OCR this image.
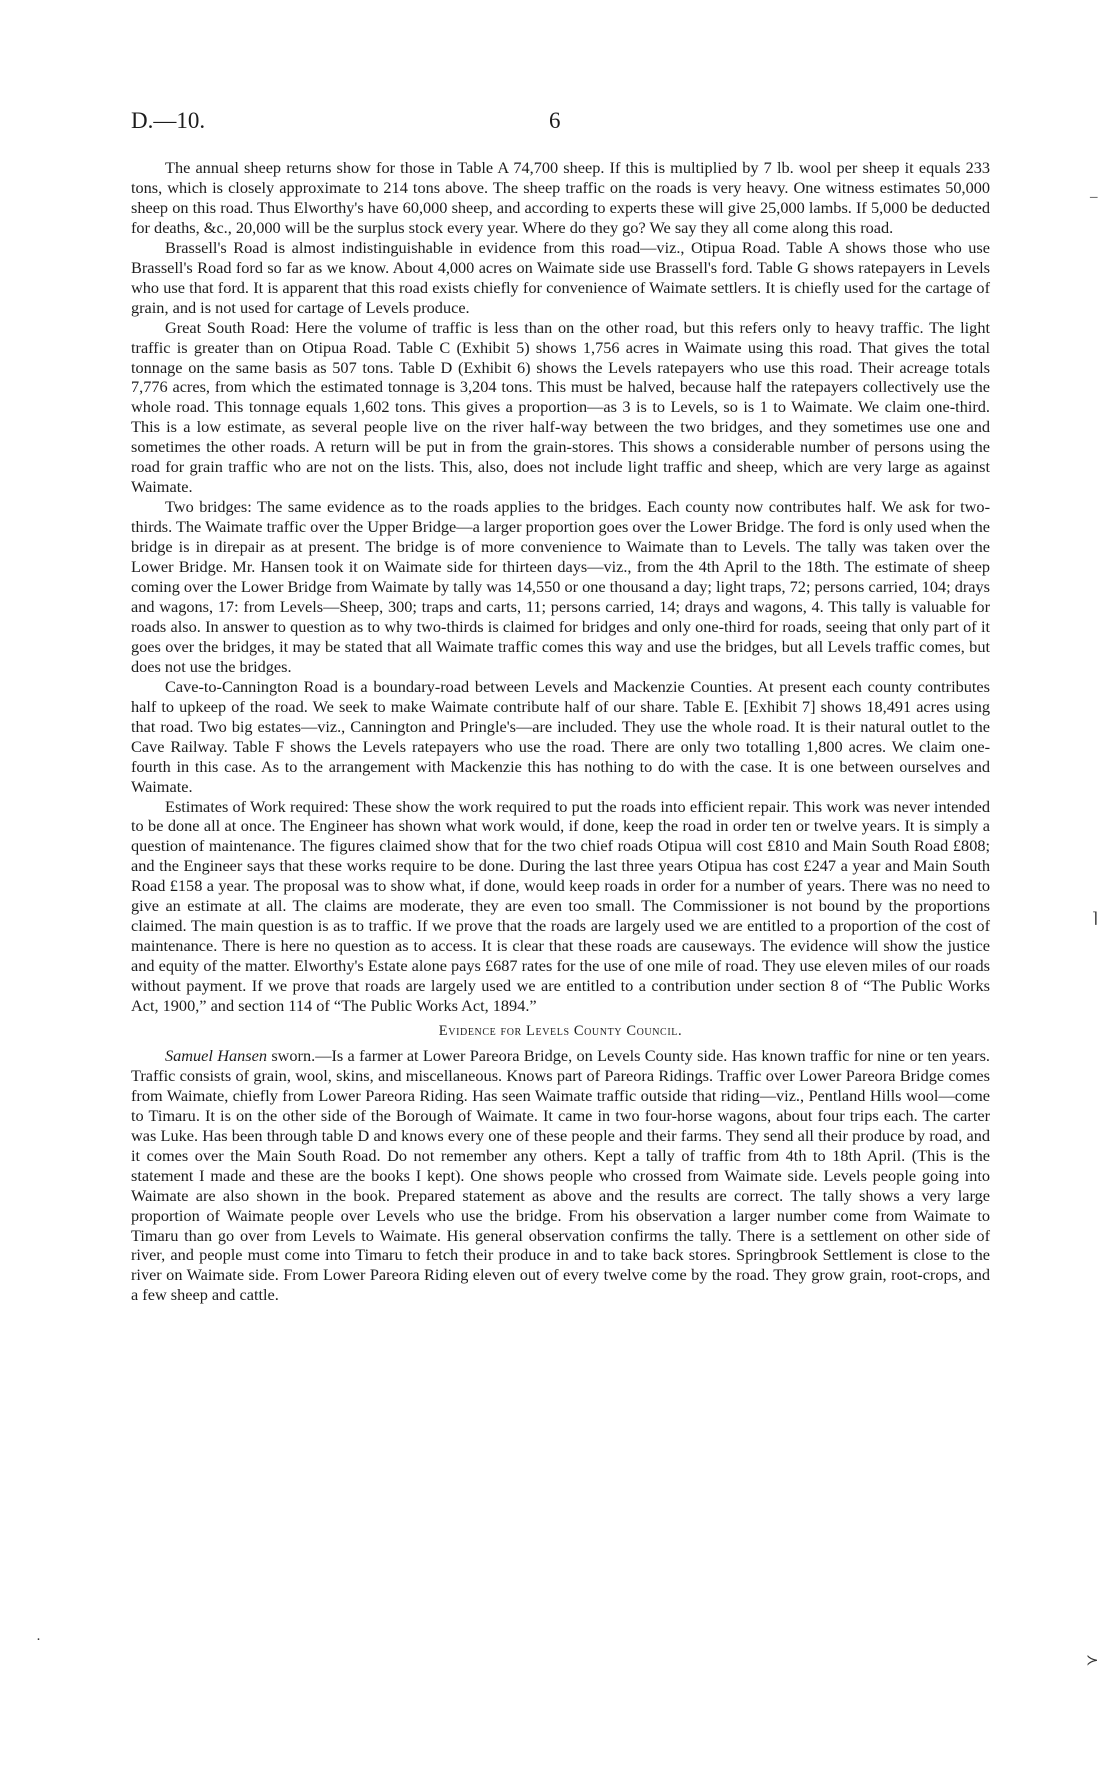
D.—10.	6

The annual sheep returns show for those in Table A 74,700 sheep. If this is multiplied by 7 lb. wool per sheep it equals 233 tons, which is closely approximate to 214 tons above. The sheep traffic on the roads is very heavy. One witness estimates 50,000 sheep on this road. Thus Elworthy's have 60,000 sheep, and according to experts these will give 25,000 lambs. If 5,000 be deducted for deaths, &c., 20,000 will be the surplus stock every year. Where do they go? We say they all come along this road.

Brassell's Road is almost indistinguishable in evidence from this road—viz., Otipua Road. Table A shows those who use Brassell's Road ford so far as we know. About 4,000 acres on Waimate side use Brassell's ford. Table G shows ratepayers in Levels who use that ford. It is apparent that this road exists chiefly for convenience of Waimate settlers. It is chiefly used for the cartage of grain, and is not used for cartage of Levels produce.

Great South Road: Here the volume of traffic is less than on the other road, but this refers only to heavy traffic. The light traffic is greater than on Otipua Road. Table C (Exhibit 5) shows 1,756 acres in Waimate using this road. That gives the total tonnage on the same basis as 507 tons. Table D (Exhibit 6) shows the Levels ratepayers who use this road. Their acreage totals 7,776 acres, from which the estimated tonnage is 3,204 tons. This must be halved, because half the ratepayers collectively use the whole road. This tonnage equals 1,602 tons. This gives a proportion—as 3 is to Levels, so is 1 to Waimate. We claim one-third. This is a low estimate, as several people live on the river half-way between the two bridges, and they sometimes use one and sometimes the other roads. A return will be put in from the grain-stores. This shows a considerable number of persons using the road for grain traffic who are not on the lists. This, also, does not include light traffic and sheep, which are very large as against Waimate.

Two bridges: The same evidence as to the roads applies to the bridges. Each county now contributes half. We ask for two-thirds. The Waimate traffic over the Upper Bridge—a larger proportion goes over the Lower Bridge. The ford is only used when the bridge is in direpair as at present. The bridge is of more convenience to Waimate than to Levels. The tally was taken over the Lower Bridge. Mr. Hansen took it on Waimate side for thirteen days—viz., from the 4th April to the 18th. The estimate of sheep coming over the Lower Bridge from Waimate by tally was 14,550 or one thousand a day; light traps, 72; persons carried, 104; drays and wagons, 17: from Levels—Sheep, 300; traps and carts, 11; persons carried, 14; drays and wagons, 4. This tally is valuable for roads also. In answer to question as to why two-thirds is claimed for bridges and only one-third for roads, seeing that only part of it goes over the bridges, it may be stated that all Waimate traffic comes this way and use the bridges, but all Levels traffic comes, but does not use the bridges.

Cave-to-Cannington Road is a boundary-road between Levels and Mackenzie Counties. At present each county contributes half to upkeep of the road. We seek to make Waimate contribute half of our share. Table E. [Exhibit 7] shows 18,491 acres using that road. Two big estates—viz., Cannington and Pringle's—are included. They use the whole road. It is their natural outlet to the Cave Railway. Table F shows the Levels ratepayers who use the road. There are only two totalling 1,800 acres. We claim one-fourth in this case. As to the arrangement with Mackenzie this has nothing to do with the case. It is one between ourselves and Waimate.

Estimates of Work required: These show the work required to put the roads into efficient repair. This work was never intended to be done all at once. The Engineer has shown what work would, if done, keep the road in order ten or twelve years. It is simply a question of maintenance. The figures claimed show that for the two chief roads Otipua will cost £810 and Main South Road £808; and the Engineer says that these works require to be done. During the last three years Otipua has cost £247 a year and Main South Road £158 a year. The proposal was to show what, if done, would keep roads in order for a number of years. There was no need to give an estimate at all. The claims are moderate, they are even too small. The Commissioner is not bound by the proportions claimed. The main question is as to traffic. If we prove that the roads are largely used we are entitled to a proportion of the cost of maintenance. There is here no question as to access. It is clear that these roads are causeways. The evidence will show the justice and equity of the matter. Elworthy's Estate alone pays £687 rates for the use of one mile of road. They use eleven miles of our roads without payment. If we prove that roads are largely used we are entitled to a contribution under section 8 of “The Public Works Act, 1900,” and section 114 of “The Public Works Act, 1894.”

Evidence for Levels County Council.

Samuel Hansen sworn.—Is a farmer at Lower Pareora Bridge, on Levels County side. Has known traffic for nine or ten years. Traffic consists of grain, wool, skins, and miscellaneous. Knows part of Pareora Ridings. Traffic over Lower Pareora Bridge comes from Waimate, chiefly from Lower Pareora Riding. Has seen Waimate traffic outside that riding—viz., Pentland Hills wool—come to Timaru. It is on the other side of the Borough of Waimate. It came in two four-horse wagons, about four trips each. The carter was Luke. Has been through table D and knows every one of these people and their farms. They send all their produce by road, and it comes over the Main South Road. Do not remember any others. Kept a tally of traffic from 4th to 18th April. (This is the statement I made and these are the books I kept). One shows people who crossed from Waimate side. Levels people going into Waimate are also shown in the book. Prepared statement as above and the results are correct. The tally shows a very large proportion of Waimate people over Levels who use the bridge. From his observation a larger number come from Waimate to Timaru than go over from Levels to Waimate. His general observation confirms the tally. There is a settlement on other side of river, and people must come into Timaru to fetch their produce in and to take back stores. Springbrook Settlement is close to the river on Waimate side. From Lower Pareora Riding eleven out of every twelve come by the road. They grow grain, root-crops, and a few sheep and cattle.

–
⌉
·
≻
